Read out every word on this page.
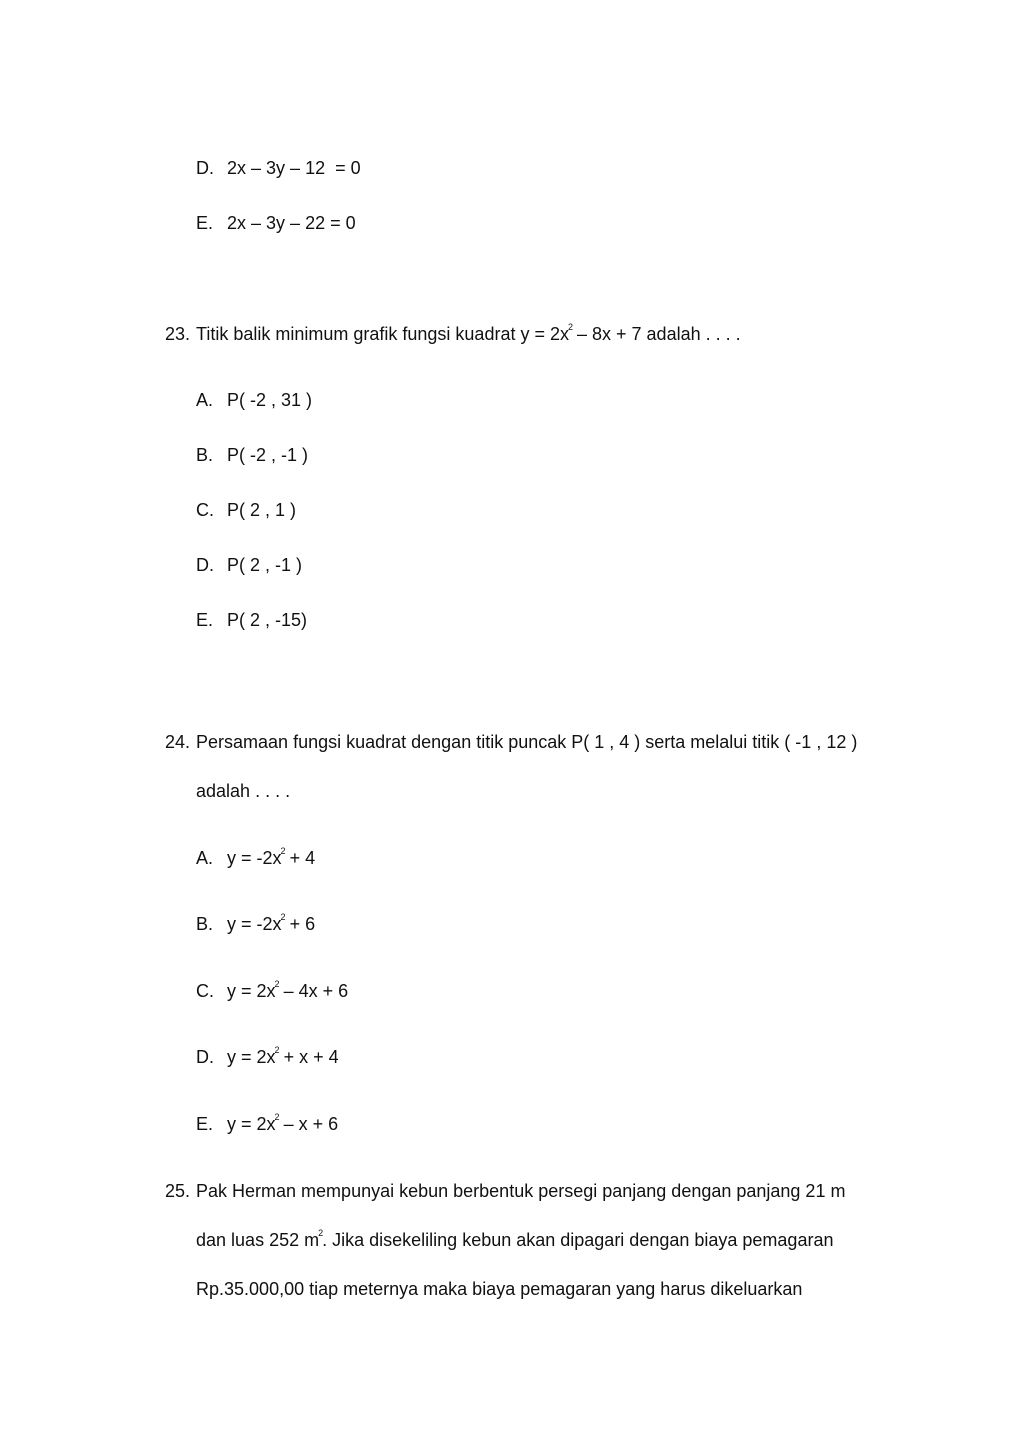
D. 2x – 3y – 12  = 0

E. 2x – 3y – 22 = 0

23. Titik balik minimum grafik fungsi kuadrat $y = 2x^2 - 8x + 7$ adalah . . . .

A. P( -2 , 31 )

B. P( -2 , -1 )

C. P( 2 , 1 )

D. P( 2 , -1 )

E. P( 2 , -15)

24. Persamaan fungsi kuadrat dengan titik puncak P( 1 , 4 ) serta melalui titik ( -1 , 12 )

adalah . . . .

A. $y = -2x^2 + 4$

B. $y = -2x^2 + 6$

C. $y = 2x^2 - 4x + 6$

D. $y = 2x^2 + x + 4$

E. $y = 2x^2 - x + 6$

25. Pak Herman mempunyai kebun berbentuk persegi panjang dengan panjang 21 m

dan luas 252 $m^2$. Jika disekeliling kebun akan dipagari dengan biaya pemagaran

Rp.35.000,00 tiap meternya maka biaya pemagaran yang harus dikeluarkan
